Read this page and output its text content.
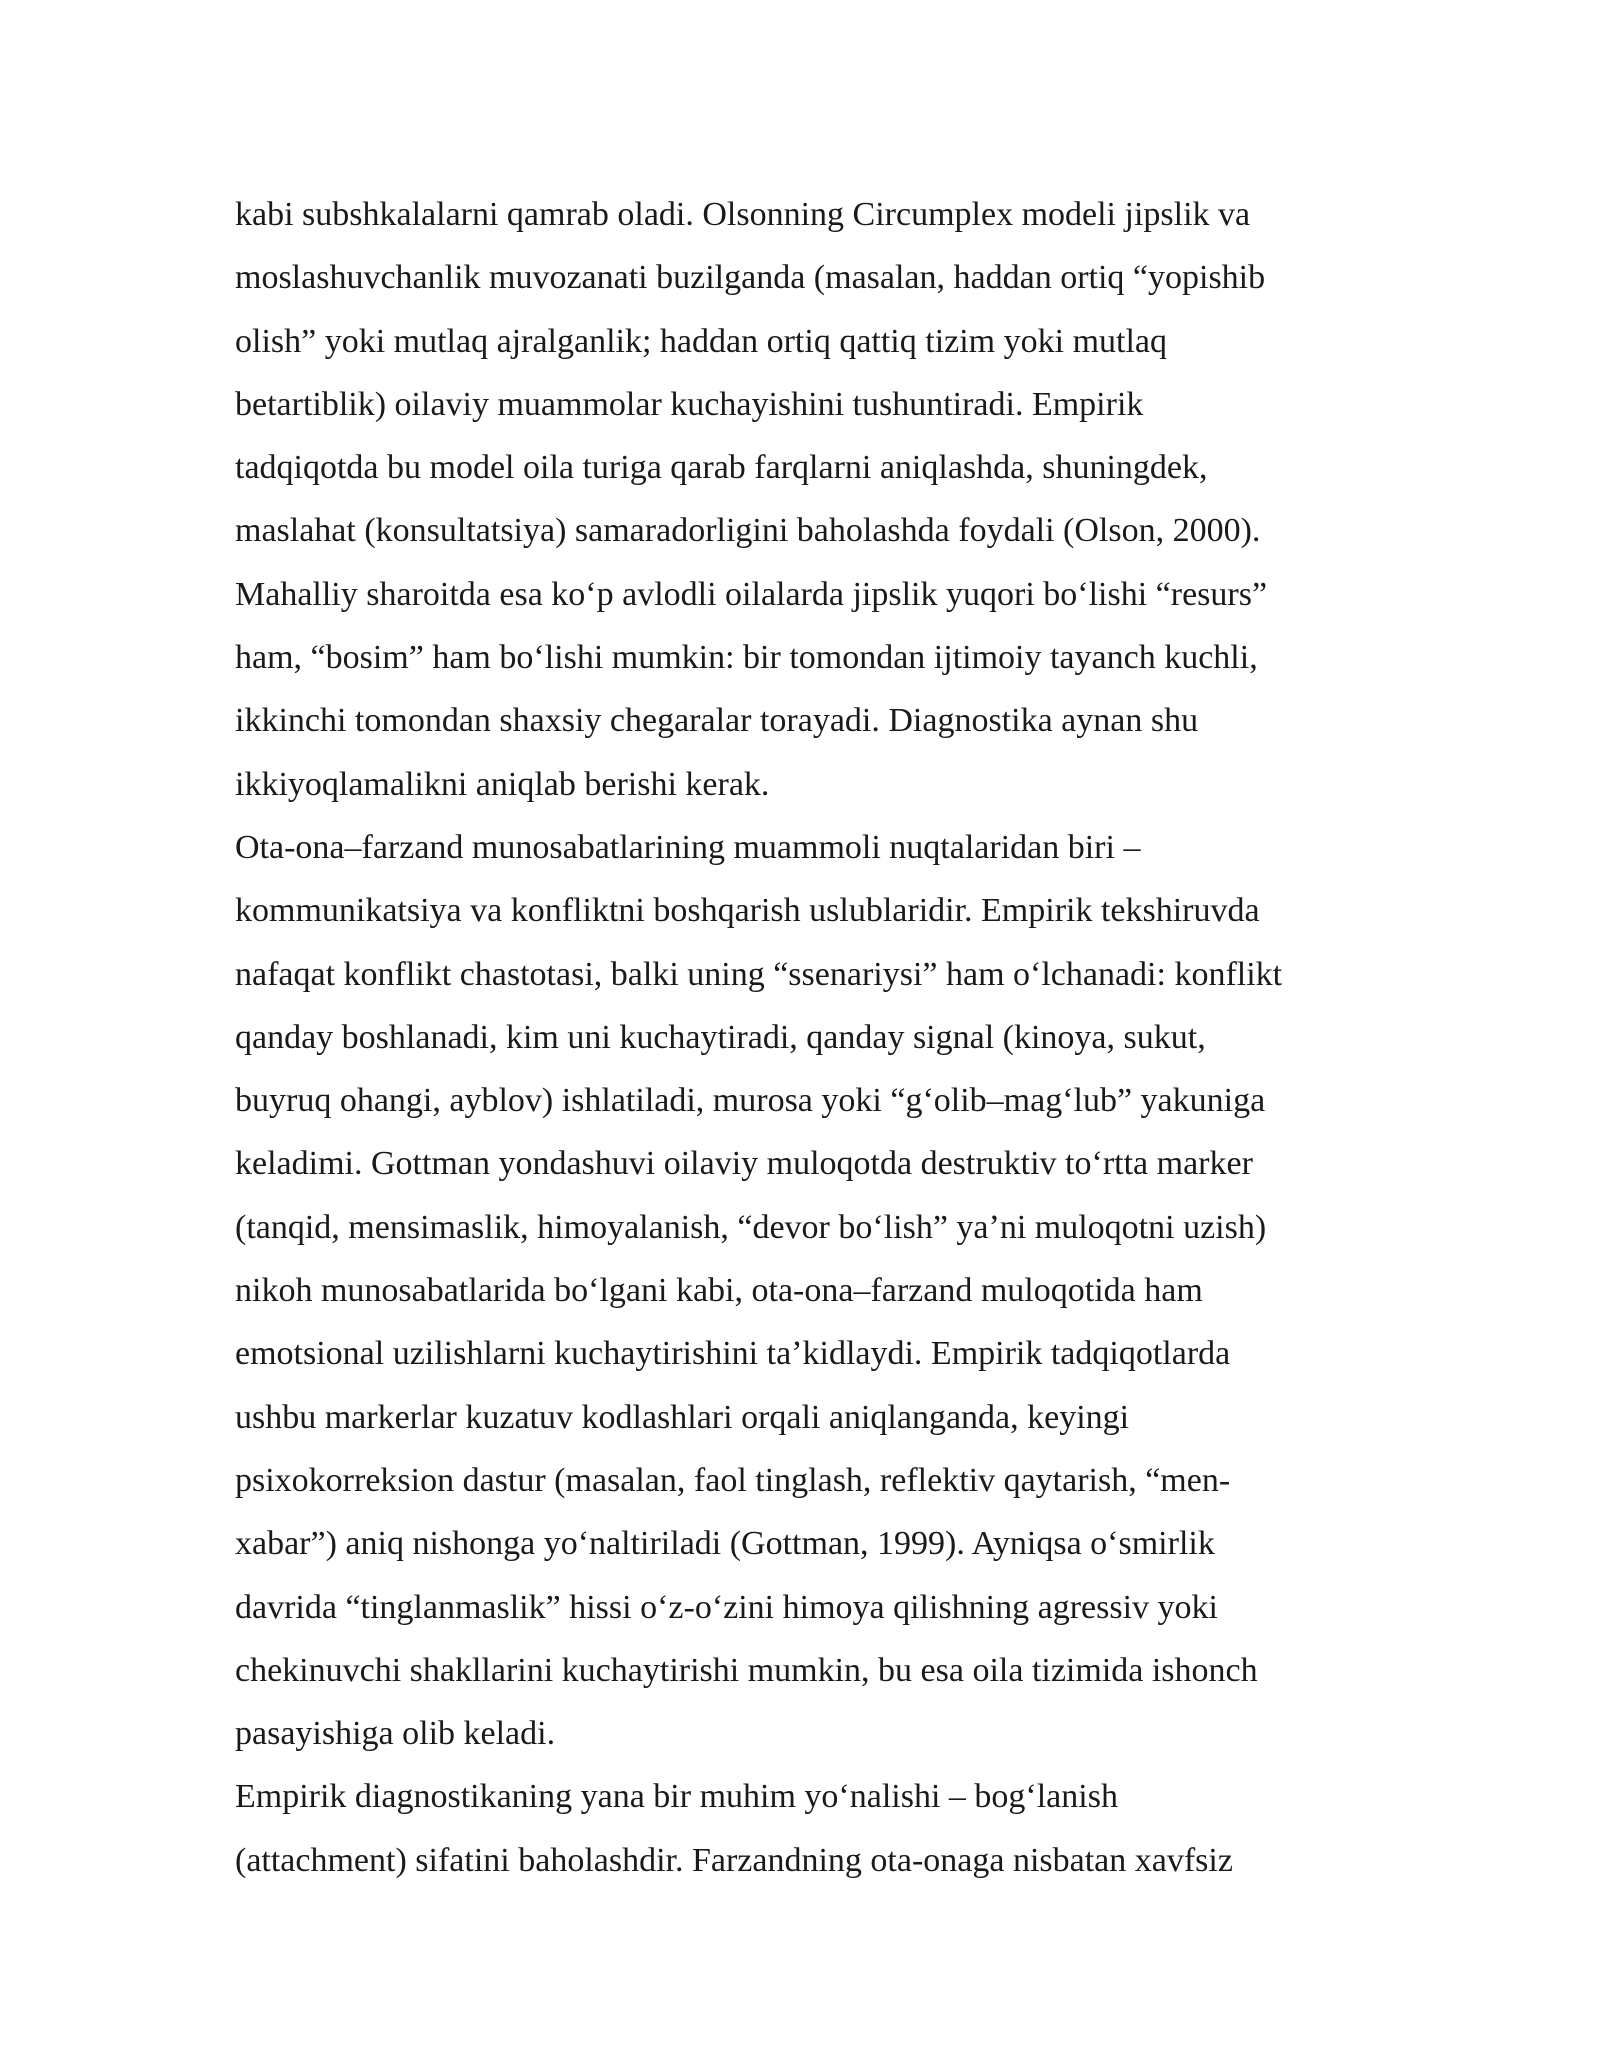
kabi subshkalalarni qamrab oladi. Olsonning Circumplex modeli jipslik va
moslashuvchanlik muvozanati buzilganda (masalan, haddan ortiq “yopishib
olish” yoki mutlaq ajralganlik; haddan ortiq qattiq tizim yoki mutlaq
betartiblik) oilaviy muammolar kuchayishini tushuntiradi. Empirik
tadqiqotda bu model oila turiga qarab farqlarni aniqlashda, shuningdek,
maslahat (konsultatsiya) samaradorligini baholashda foydali (Olson, 2000).
Mahalliy sharoitda esa koʻp avlodli oilalarda jipslik yuqori boʻlishi “resurs”
ham, “bosim” ham boʻlishi mumkin: bir tomondan ijtimoiy tayanch kuchli,
ikkinchi tomondan shaxsiy chegaralar torayadi. Diagnostika aynan shu
ikkiyoqlamalikni aniqlab berishi kerak.
Ota-ona–farzand munosabatlarining muammoli nuqtalaridan biri –
kommunikatsiya va konfliktni boshqarish uslublaridir. Empirik tekshiruvda
nafaqat konflikt chastotasi, balki uning “ssenariysi” ham oʻlchanadi: konflikt
qanday boshlanadi, kim uni kuchaytiradi, qanday signal (kinoya, sukut,
buyruq ohangi, ayblov) ishlatiladi, murosa yoki “gʻolib–magʻlub” yakuniga
keladimi. Gottman yondashuvi oilaviy muloqotda destruktiv toʻrtta marker
(tanqid, mensimaslik, himoyalanish, “devor boʻlish” yaʼni muloqotni uzish)
nikoh munosabatlarida boʻlgani kabi, ota-ona–farzand muloqotida ham
emotsional uzilishlarni kuchaytirishini taʼkidlaydi. Empirik tadqiqotlarda
ushbu markerlar kuzatuv kodlashlari orqali aniqlanganda, keyingi
psixokorreksion dastur (masalan, faol tinglash, reflektiv qaytarish, “men-
xabar”) aniq nishonga yoʻnaltiriladi (Gottman, 1999). Ayniqsa oʻsmirlik
davrida “tinglanmaslik” hissi oʻz-oʻzini himoya qilishning agressiv yoki
chekinuvchi shakllarini kuchaytirishi mumkin, bu esa oila tizimida ishonch
pasayishiga olib keladi.
Empirik diagnostikaning yana bir muhim yoʻnalishi – bogʻlanish
(attachment) sifatini baholashdir. Farzandning ota-onaga nisbatan xavfsiz
